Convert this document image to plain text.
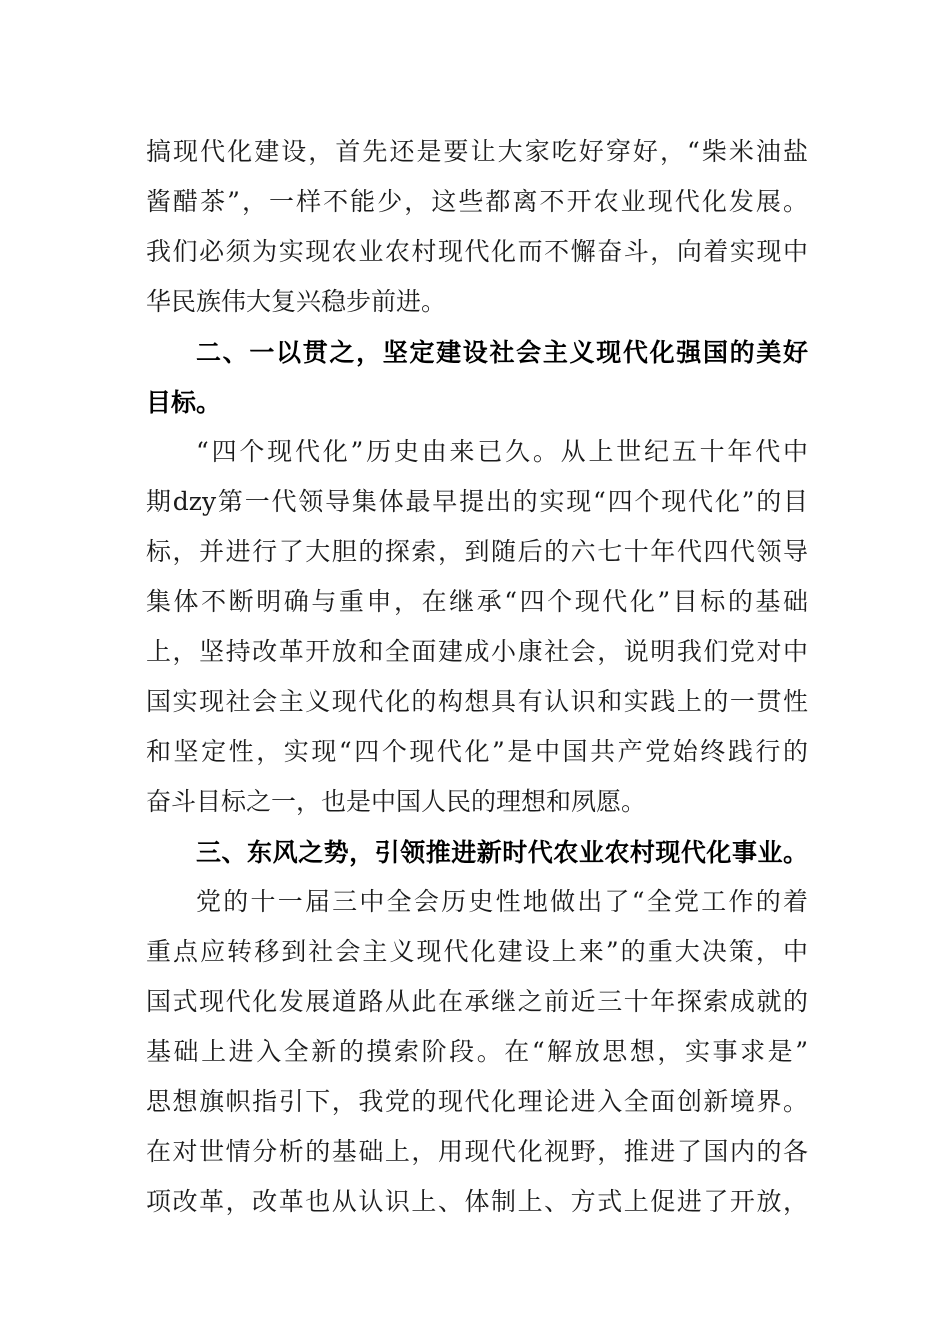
搞现代化建设，首先还是要让大家吃好穿好，“柴米油盐
酱醋茶”，一样不能少，这些都离不开农业现代化发展。
我们必须为实现农业农村现代化而不懈奋斗，向着实现中
华民族伟大复兴稳步前进。
二、一以贯之，坚定建设社会主义现代化强国的美好
目标。
“四个现代化”历史由来已久。从上世纪五十年代中
期dzy第一代领导集体最早提出的实现“四个现代化”的目
标，并进行了大胆的探索，到随后的六七十年代四代领导
集体不断明确与重申，在继承“四个现代化”目标的基础
上，坚持改革开放和全面建成小康社会，说明我们党对中
国实现社会主义现代化的构想具有认识和实践上的一贯性
和坚定性，实现“四个现代化”是中国共产党始终践行的
奋斗目标之一，也是中国人民的理想和夙愿。
三、东风之势，引领推进新时代农业农村现代化事业。
党的十一届三中全会历史性地做出了“全党工作的着
重点应转移到社会主义现代化建设上来”的重大决策，中
国式现代化发展道路从此在承继之前近三十年探索成就的
基础上进入全新的摸索阶段。在“解放思想，实事求是”
思想旗帜指引下，我党的现代化理论进入全面创新境界。
在对世情分析的基础上，用现代化视野，推进了国内的各
项改革，改革也从认识上、体制上、方式上促进了开放，
